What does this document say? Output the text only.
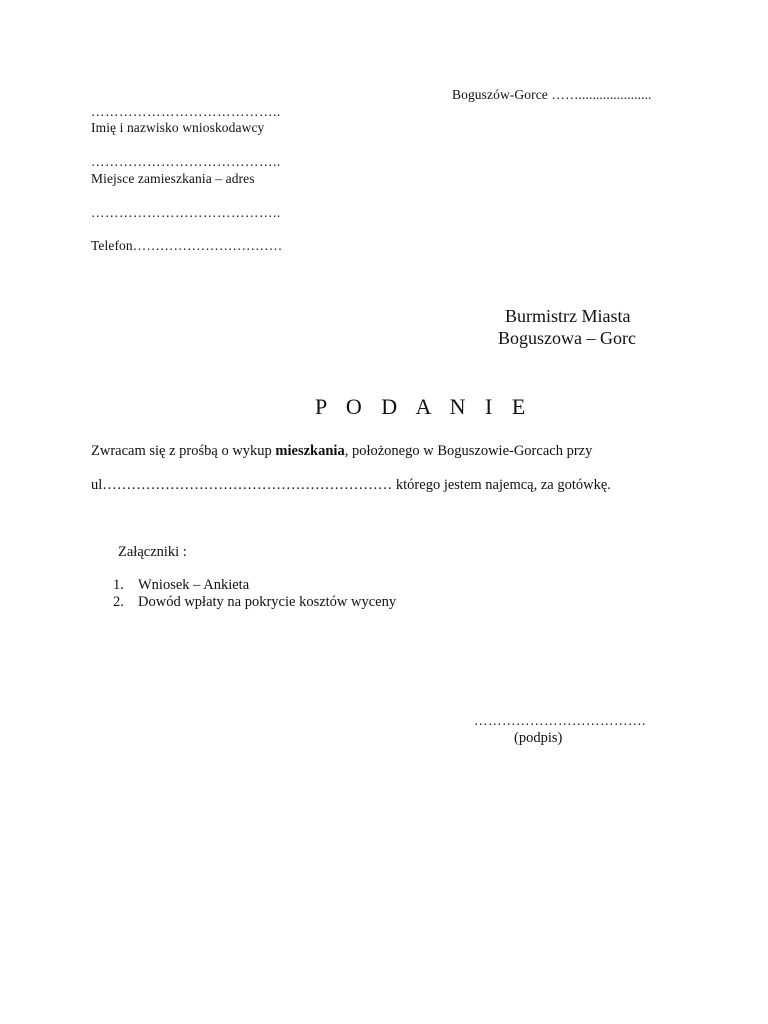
Boguszów-Gorce …….....................
…………………………………..
Imię i nazwisko wnioskodawcy
…………………………………..
Miejsce zamieszkania – adres
…………………………………..
Telefon……………………………
Burmistrz Miasta
Boguszowa – Gorc
P O D A N I E
Zwracam się z prośbą o wykup mieszkania, położonego w Boguszowie-Gorcach przy
ul…………………………………………………… którego jestem najemcą, za gotówkę.
Załączniki :
1. Wniosek – Ankieta
2. Dowód wpłaty na pokrycie kosztów wyceny
……………………………….
(podpis)
